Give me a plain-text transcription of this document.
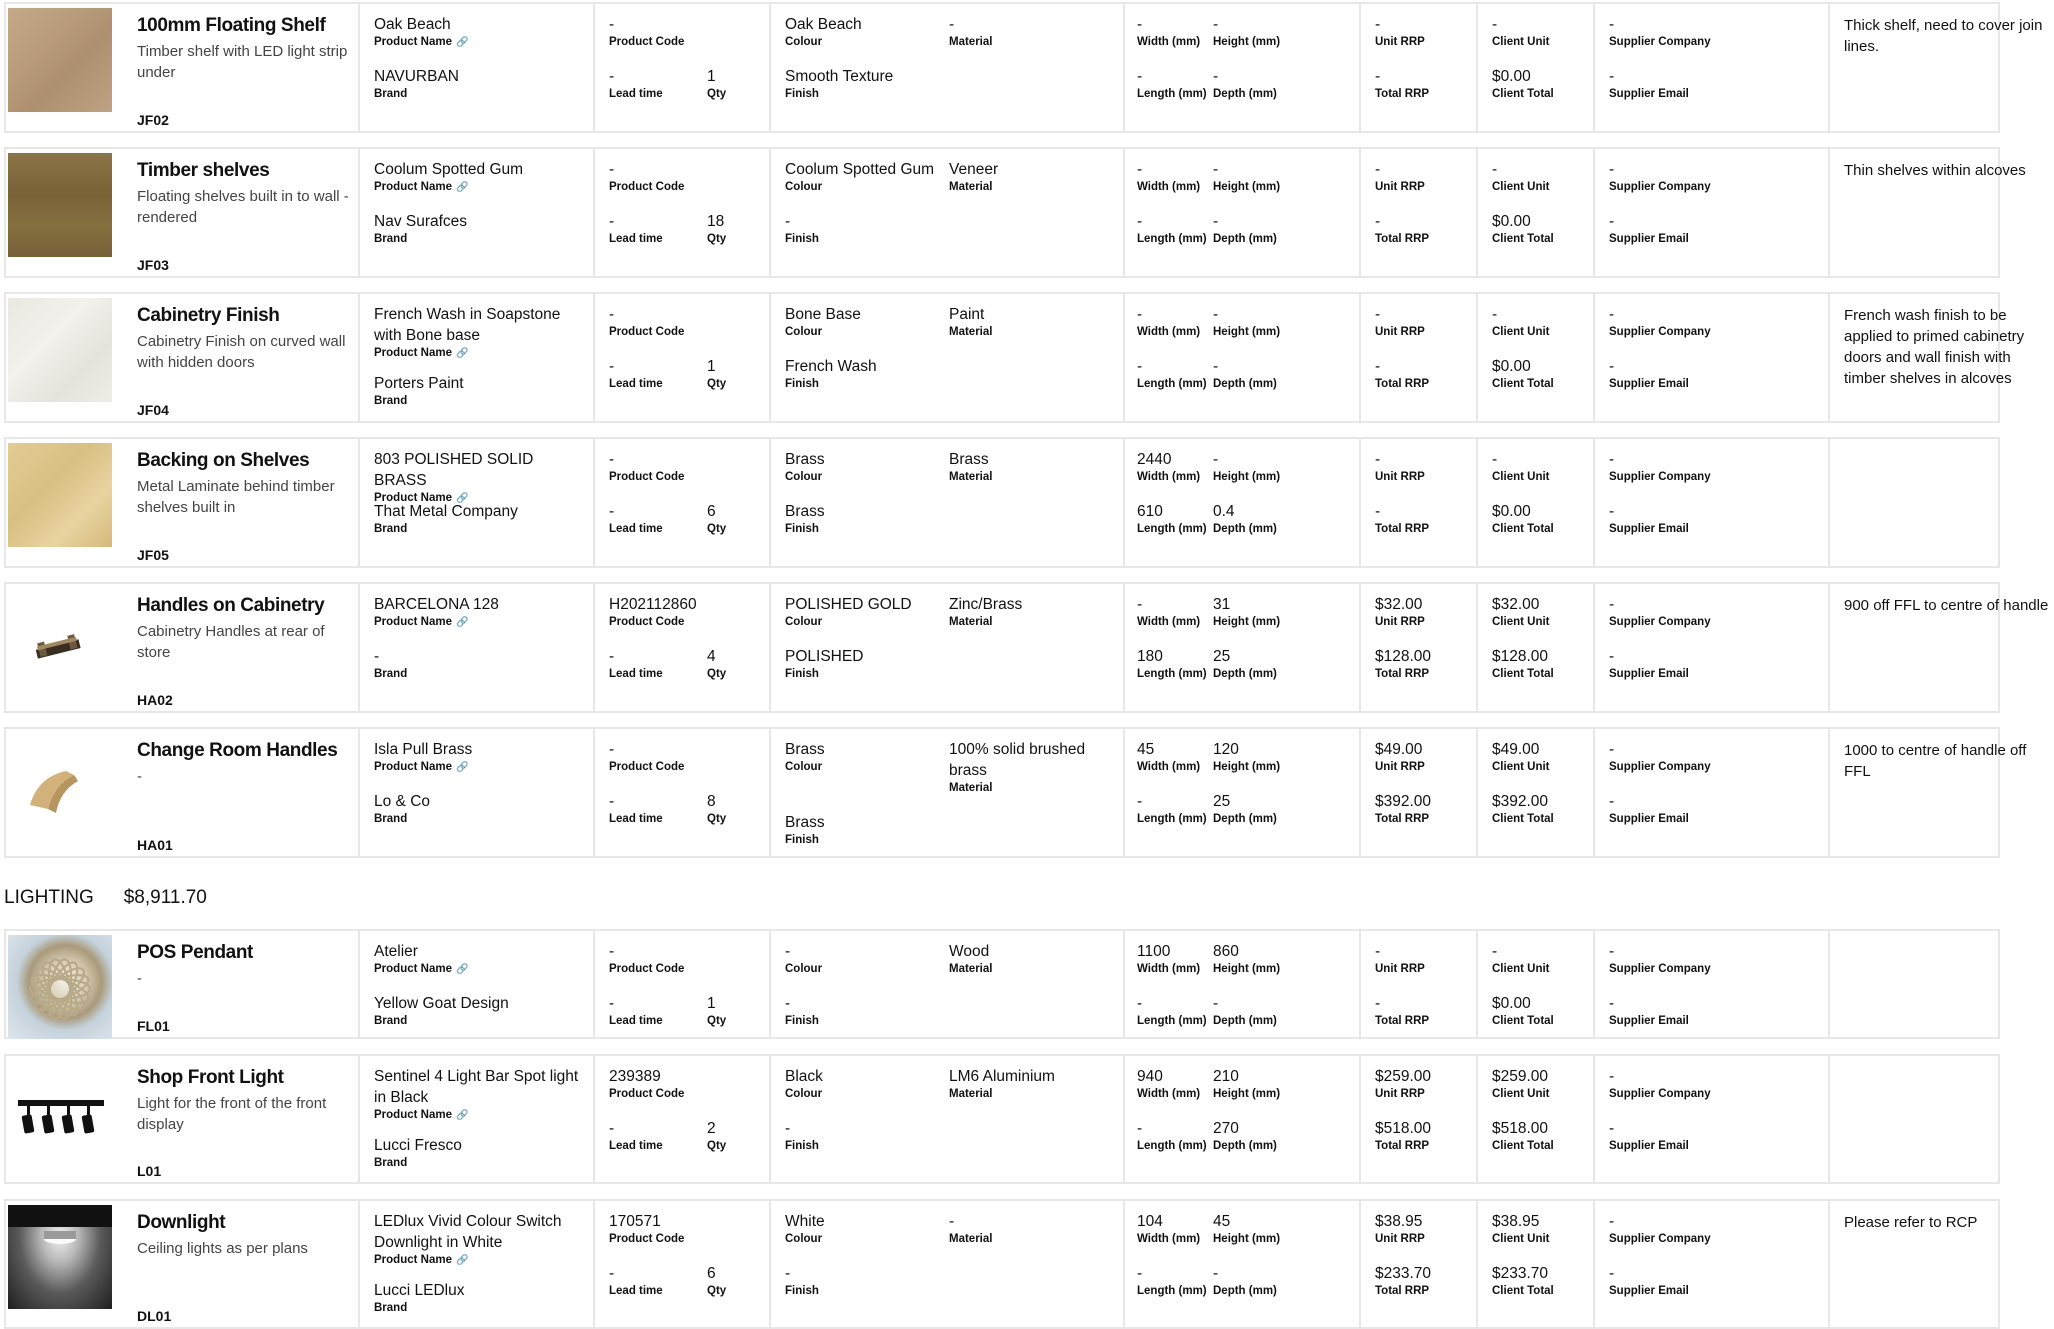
LIGHTING $8,911.70
100mm Floating Shelf
Timber shelf with LED light strip under
JF02
Oak Beach
Product Name 🔗
NAVURBAN
Brand
-
Product Code
-
Lead time
1
Qty
Oak Beach
Colour
-
Material
Smooth Texture
Finish
-
Width (mm)
-
Height (mm)
-
Length (mm)
-
Depth (mm)
-
Unit RRP
-
Total RRP
-
Client Unit
$0.00
Client Total
-
Supplier Company
-
Supplier Email
Thick shelf, need to cover join lines.
Timber shelves
Floating shelves built in to wall - rendered
JF03
Coolum Spotted Gum
Product Name 🔗
Nav Surafces
Brand
-
Product Code
-
Lead time
18
Qty
Coolum Spotted Gum
Colour
Veneer
Material
-
Finish
-
Width (mm)
-
Height (mm)
-
Length (mm)
-
Depth (mm)
-
Unit RRP
-
Total RRP
-
Client Unit
$0.00
Client Total
-
Supplier Company
-
Supplier Email
Thin shelves within alcoves
Cabinetry Finish
Cabinetry Finish on curved wall with hidden doors
JF04
French Wash in Soapstone with Bone base
Product Name 🔗
Porters Paint
Brand
-
Product Code
-
Lead time
1
Qty
Bone Base
Colour
Paint
Material
French Wash
Finish
-
Width (mm)
-
Height (mm)
-
Length (mm)
-
Depth (mm)
-
Unit RRP
-
Total RRP
-
Client Unit
$0.00
Client Total
-
Supplier Company
-
Supplier Email
French wash finish to be applied to primed cabinetry doors and wall finish with timber shelves in alcoves
Backing on Shelves
Metal Laminate behind timber shelves built in
JF05
803 POLISHED SOLID BRASS
Product Name 🔗
That Metal Company
Brand
-
Product Code
-
Lead time
6
Qty
Brass
Colour
Brass
Material
Brass
Finish
2440
Width (mm)
-
Height (mm)
610
Length (mm)
0.4
Depth (mm)
-
Unit RRP
-
Total RRP
-
Client Unit
$0.00
Client Total
-
Supplier Company
-
Supplier Email
Handles on Cabinetry
Cabinetry Handles at rear of store
HA02
BARCELONA 128
Product Name 🔗
-
Brand
H202112860
Product Code
-
Lead time
4
Qty
POLISHED GOLD
Colour
Zinc/Brass
Material
POLISHED
Finish
-
Width (mm)
31
Height (mm)
180
Length (mm)
25
Depth (mm)
$32.00
Unit RRP
$128.00
Total RRP
$32.00
Client Unit
$128.00
Client Total
-
Supplier Company
-
Supplier Email
900 off FFL to centre of handle
Change Room Handles
-
HA01
Isla Pull Brass
Product Name 🔗
Lo & Co
Brand
-
Product Code
-
Lead time
8
Qty
Brass
Colour
100% solid brushed brass
Material
Brass
Finish
45
Width (mm)
120
Height (mm)
-
Length (mm)
25
Depth (mm)
$49.00
Unit RRP
$392.00
Total RRP
$49.00
Client Unit
$392.00
Client Total
-
Supplier Company
-
Supplier Email
1000 to centre of handle off FFL
POS Pendant
-
FL01
Atelier
Product Name 🔗
Yellow Goat Design
Brand
-
Product Code
-
Lead time
1
Qty
-
Colour
Wood
Material
-
Finish
1100
Width (mm)
860
Height (mm)
-
Length (mm)
-
Depth (mm)
-
Unit RRP
-
Total RRP
-
Client Unit
$0.00
Client Total
-
Supplier Company
-
Supplier Email
Shop Front Light
Light for the front of the front display
L01
Sentinel 4 Light Bar Spot light in Black
Product Name 🔗
Lucci Fresco
Brand
239389
Product Code
-
Lead time
2
Qty
Black
Colour
LM6 Aluminium
Material
-
Finish
940
Width (mm)
210
Height (mm)
-
Length (mm)
270
Depth (mm)
$259.00
Unit RRP
$518.00
Total RRP
$259.00
Client Unit
$518.00
Client Total
-
Supplier Company
-
Supplier Email
Downlight
Ceiling lights as per plans
DL01
LEDlux Vivid Colour Switch Downlight in White
Product Name 🔗
Lucci LEDlux
Brand
170571
Product Code
-
Lead time
6
Qty
White
Colour
-
Material
-
Finish
104
Width (mm)
45
Height (mm)
-
Length (mm)
-
Depth (mm)
$38.95
Unit RRP
$233.70
Total RRP
$38.95
Client Unit
$233.70
Client Total
-
Supplier Company
-
Supplier Email
Please refer to RCP
